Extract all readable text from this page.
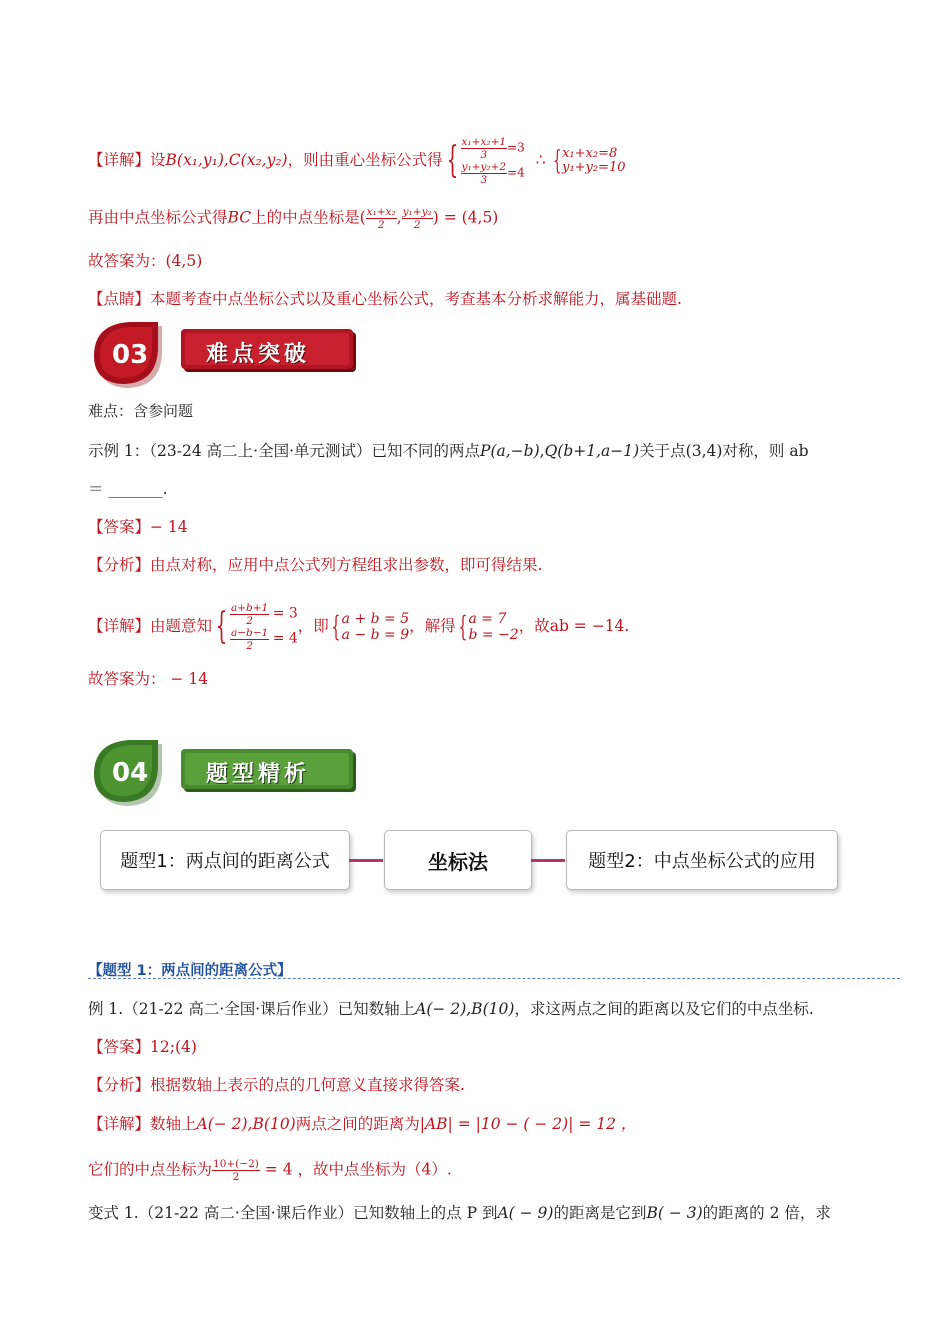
【详解】设B(x₁,y₁),C(x₂,y₂)，则由重心坐标公式得 { $\frac{\text{x₁+x₂+1}}{3} =3$

$\frac{\text{y₁+y₂+2}}{3} =4$ ∴ {x₁+x₂=8
y₁+y₂=10
再由中点坐标公式得BC上的中点坐标是( $\frac{\text{x₁+x₂}}{2}$ , $\frac{\text{y₁+y₂}}{2}$ ) = (4,5)
故答案为：(4,5)
【点睛】本题考查中点坐标公式以及重心坐标公式，考查基本分析求解能力，属基础题.
03	难点突破
难点：含参问题
示例 1：（23-24 高二上·全国·单元测试）已知不同的两点P(a,−b),Q(b+1,a−1)关于点(3,4)对称，则 ab
＝ _______.
【答案】− 14
【分析】由点对称，应用中点公式列方程组求出参数，即可得结果.
【详解】由题意知 { $\frac{a+b+1}{2} = 3$

$\frac{a-b-1}{2} = 4$，即{a + b = 5
a − b = 9，解得{a = 7
b = −2，故ab = −14.
故答案为： − 14
04	题型精析
题型1：两点间的距离公式	坐标法	题型2：中点坐标公式的应用
【题型 1：两点间的距离公式】
例 1.（21-22 高二·全国·课后作业）已知数轴上A(− 2),B(10)，求这两点之间的距离以及它们的中点坐标.
【答案】12;(4)
【分析】根据数轴上表示的点的几何意义直接求得答案.
【详解】数轴上A(− 2),B(10)两点之间的距离为|AB| = |10 − ( − 2)| = 12 ，
它们的中点坐标为 $\frac{10+(-2)}{2} = 4$ ，故中点坐标为（4）.
变式 1.（21-22 高二·全国·课后作业）已知数轴上的点 P 到A( − 9)的距离是它到B( − 3)的距离的 2 倍，求
